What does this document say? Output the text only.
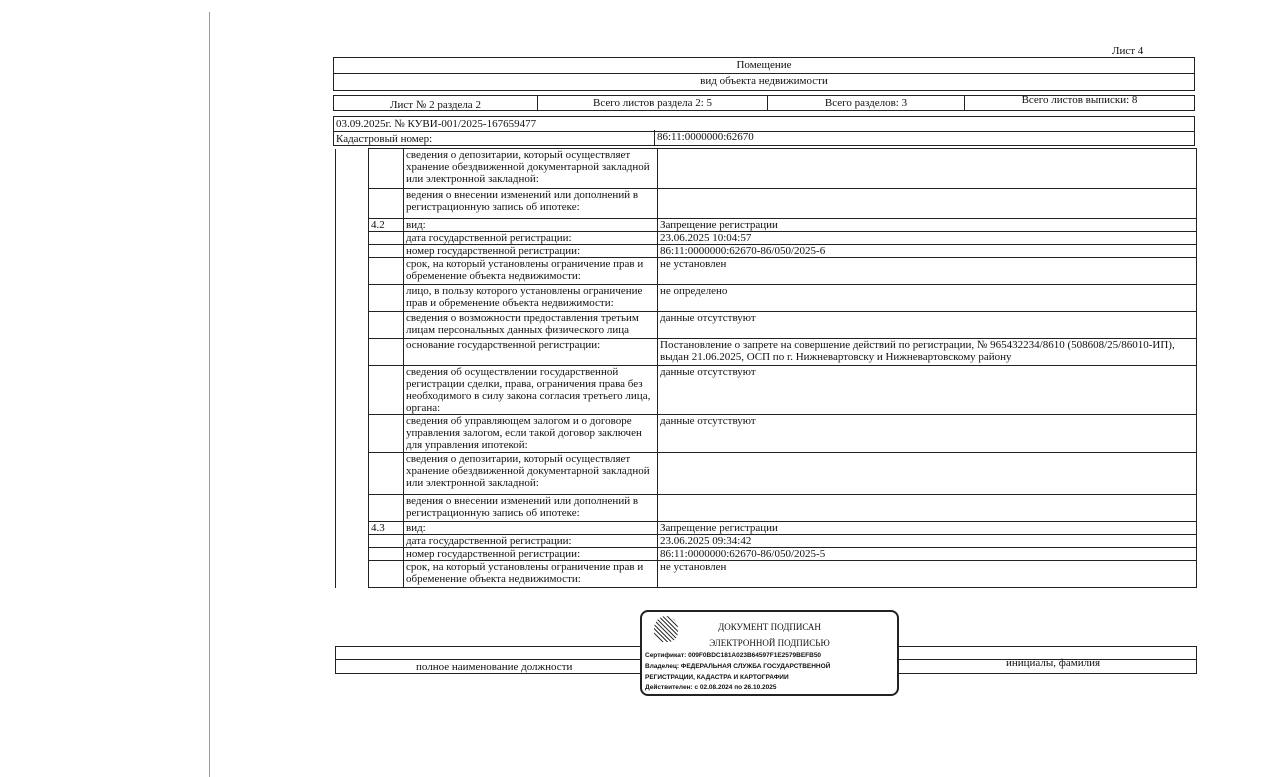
Лист 4
Помещение
вид объекта недвижимости
Лист № 2 раздела 2	Всего листов раздела 2: 5	Всего разделов: 3	Всего листов выписки: 8
03.09.2025г. № КУВИ-001/2025-167659477
Кадастровый номер:	86:11:0000000:62670
		сведения о депозитарии, который осуществляет хранение обездвиженной документарной закладной или электронной закладной:	
		ведения о внесении изменений или дополнений в регистрационную запись об ипотеке:	
	4.2	вид:	Запрещение регистрации
		дата государственной регистрации:	23.06.2025 10:04:57
		номер государственной регистрации:	86:11:0000000:62670-86/050/2025-6
		срок, на который установлены ограничение прав и обременение объекта недвижимости:	не установлен
		лицо, в пользу которого установлены ограничение прав и обременение объекта недвижимости:	не определено
		сведения о возможности предоставления третьим лицам персональных данных физического лица	данные отсутствуют
		основание государственной регистрации:	Постановление о запрете на совершение действий по регистрации, № 965432234/8610 (508608/25/86010-ИП), выдан 21.06.2025, ОСП по г. Нижневартовску и Нижневартовскому району
		сведения об осуществлении государственной регистрации сделки, права, ограничения права без необходимого в силу закона согласия третьего лица, органа:	данные отсутствуют
		сведения об управляющем залогом и о договоре управления залогом, если такой договор заключен для управления ипотекой:	данные отсутствуют
		сведения о депозитарии, который осуществляет хранение обездвиженной документарной закладной или электронной закладной:	
		ведения о внесении изменений или дополнений в регистрационную запись об ипотеке:	
	4.3	вид:	Запрещение регистрации
		дата государственной регистрации:	23.06.2025 09:34:42
		номер государственной регистрации:	86:11:0000000:62670-86/050/2025-5
		срок, на который установлены ограничение прав и обременение объекта недвижимости:	не установлен
полное наименование должности	инициалы, фамилия
ДОКУМЕНТ ПОДПИСАН
ЭЛЕКТРОННОЙ ПОДПИСЬЮ
Сертификат: 009F0BDC181A023B64597F1E2579BEFB50
Владелец: ФЕДЕРАЛЬНАЯ СЛУЖБА ГОСУДАРСТВЕННОЙ
РЕГИСТРАЦИИ, КАДАСТРА И КАРТОГРАФИИ
Действителен: с 02.08.2024 по 26.10.2025
